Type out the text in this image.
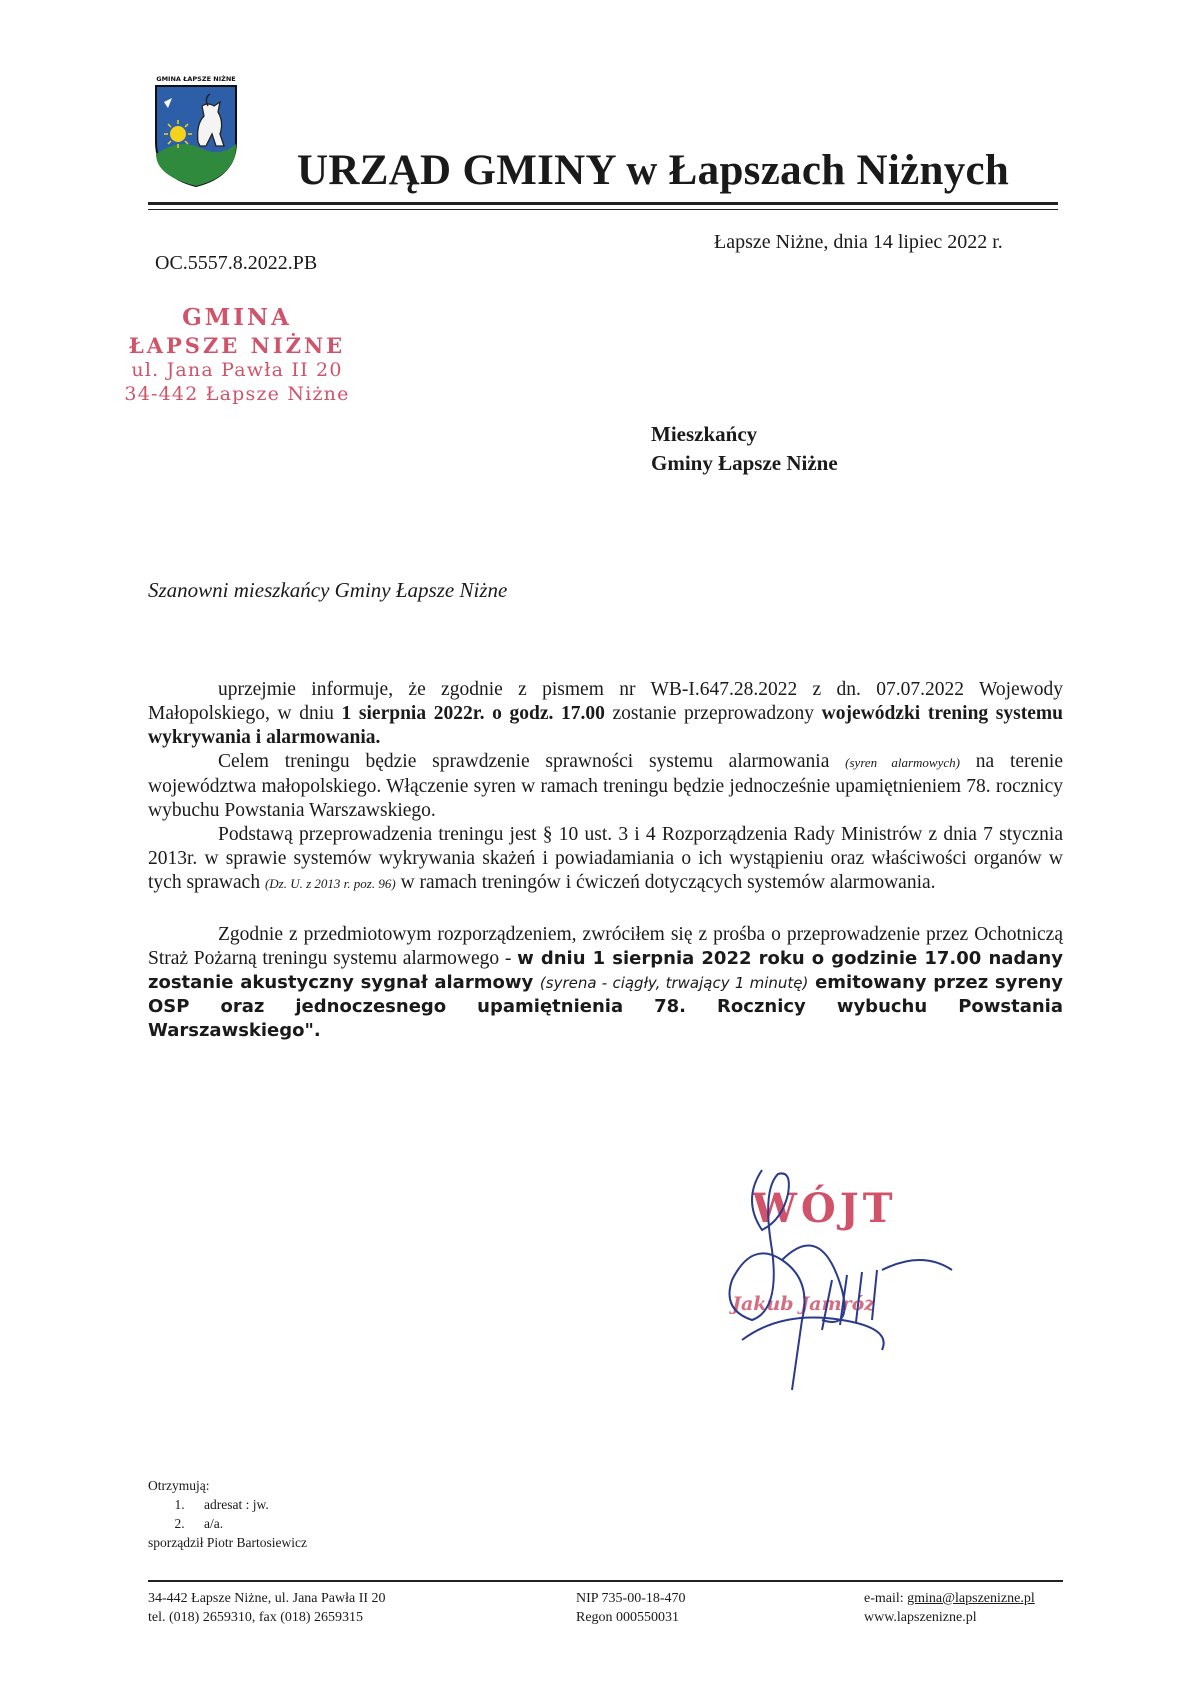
GMINA ŁAPSZE NIŻNE
URZĄD GMINY w Łapszach Niżnych
Łapsze Niżne, dnia 14 lipiec 2022 r.
OC.5557.8.2022.PB
GMINA
ŁAPSZE NIŻNE
ul. Jana Pawła II 20
34-442 Łapsze Niżne
Mieszkańcy
Gminy Łapsze Niżne
Szanowni mieszkańcy Gminy Łapsze Niżne

uprzejmie informuje, że zgodnie z pismem nr WB-I.647.28.2022 z dn. 07.07.2022 Wojewody Małopolskiego, w dniu 1 sierpnia 2022r. o godz. 17.00 zostanie przeprowadzony wojewódzki trening systemu wykrywania i alarmowania.

Celem treningu będzie sprawdzenie sprawności systemu alarmowania (syren alarmowych) na terenie województwa małopolskiego. Włączenie syren w ramach treningu będzie jednocześnie upamiętnieniem 78. rocznicy wybuchu Powstania Warszawskiego.

Podstawą przeprowadzenia treningu jest § 10 ust. 3 i 4 Rozporządzenia Rady Ministrów z dnia 7 stycznia 2013r. w sprawie systemów wykrywania skażeń i powiadamiania o ich wystąpieniu oraz właściwości organów w tych sprawach (Dz. U. z 2013 r. poz. 96) w ramach treningów i ćwiczeń dotyczących systemów alarmowania.

Zgodnie z przedmiotowym rozporządzeniem, zwróciłem się z prośba o przeprowadzenie przez Ochotniczą Straż Pożarną treningu systemu alarmowego - w dniu 1 sierpnia 2022 roku o godzinie 17.00 nadany zostanie akustyczny sygnał alarmowy (syrena - ciągły, trwający 1 minutę) emitowany przez syreny OSP oraz jednoczesnego upamiętnienia 78. Rocznicy wybuchu Powstania Warszawskiego".

WÓJT
Jakub Jamróz
Otrzymują:
1. adresat : jw.
2. a/a.
sporządził Piotr Bartosiewicz
34-442 Łapsze Niżne, ul. Jana Pawła II 20
tel. (018) 2659310, fax (018) 2659315
NIP 735-00-18-470
Regon 000550031
e-mail: gmina@lapszenizne.pl
www.lapszenizne.pl
